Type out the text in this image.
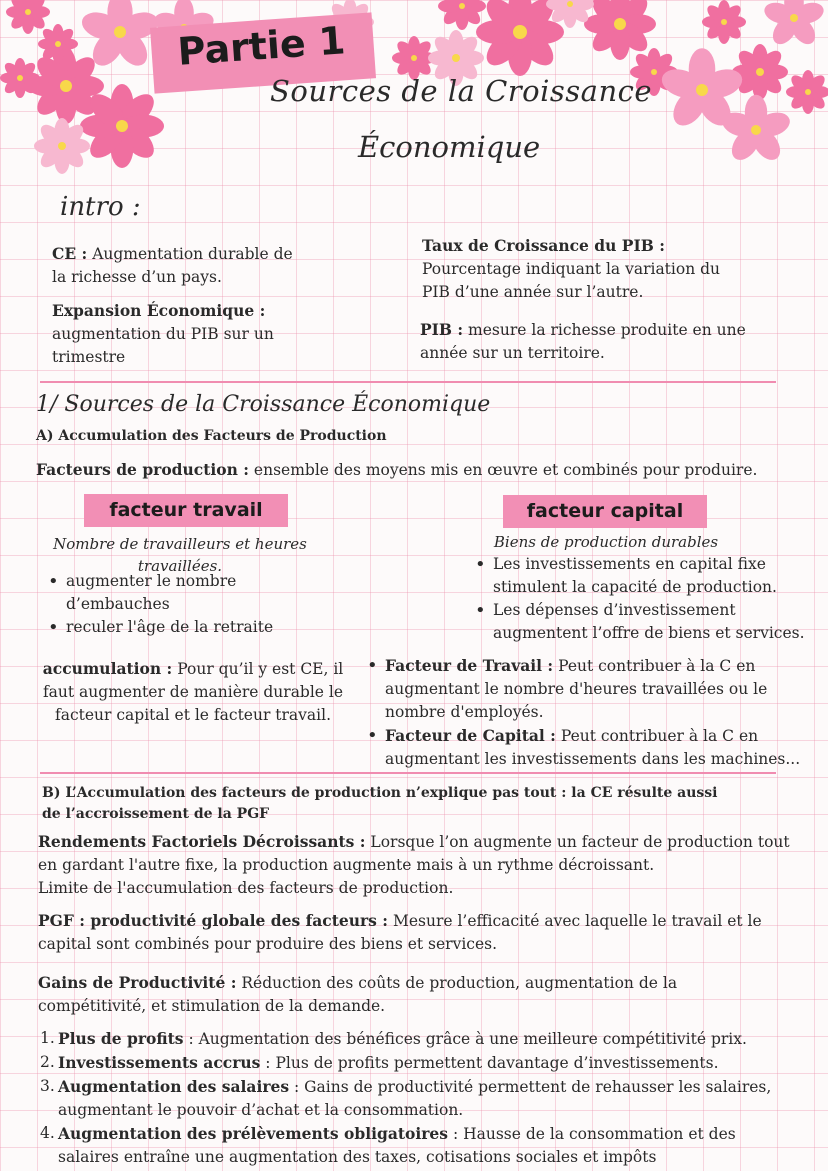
Partie 1
Sources de la Croissance
Économique
intro :
CE : Augmentation durable de la richesse d’un pays.
Expansion Économique :
augmentation du PIB sur un trimestre
Taux de Croissance du PIB :
Pourcentage indiquant la variation du PIB d’une année sur l’autre.
PIB : mesure la richesse produite en une année sur un territoire.
1/ Sources de la Croissance Économique
A) Accumulation des Facteurs de Production
Facteurs de production : ensemble des moyens mis en œuvre et combinés pour produire.
facteur travail	facteur capital
Nombre de travailleurs et heures travaillées.
• augmenter le nombre d’embauches
• reculer l'âge de la retraite
Biens de production durables
• Les investissements en capital fixe stimulent la capacité de production.
• Les dépenses d’investissement augmentent l’offre de biens et services.
accumulation : Pour qu’il y est CE, il faut augmenter de manière durable le facteur capital et le facteur travail.
• Facteur de Travail : Peut contribuer à la C en augmentant le nombre d'heures travaillées ou le nombre d'employés.
• Facteur de Capital : Peut contribuer à la C en augmentant les investissements dans les machines...
B) L’Accumulation des facteurs de production n’explique pas tout : la CE résulte aussi de l’accroissement de la PGF
Rendements Factoriels Décroissants : Lorsque l’on augmente un facteur de production tout en gardant l'autre fixe, la production augmente mais à un rythme décroissant.
Limite de l'accumulation des facteurs de production.
PGF : productivité globale des facteurs : Mesure l’efficacité avec laquelle le travail et le capital sont combinés pour produire des biens et services.
Gains de Productivité : Réduction des coûts de production, augmentation de la compétitivité, et stimulation de la demande.
1. Plus de profits : Augmentation des bénéfices grâce à une meilleure compétitivité prix.
2. Investissements accrus : Plus de profits permettent davantage d’investissements.
3. Augmentation des salaires : Gains de productivité permettent de rehausser les salaires, augmentant le pouvoir d’achat et la consommation.
4. Augmentation des prélèvements obligatoires : Hausse de la consommation et des salaires entraîne une augmentation des taxes, cotisations sociales et impôts
